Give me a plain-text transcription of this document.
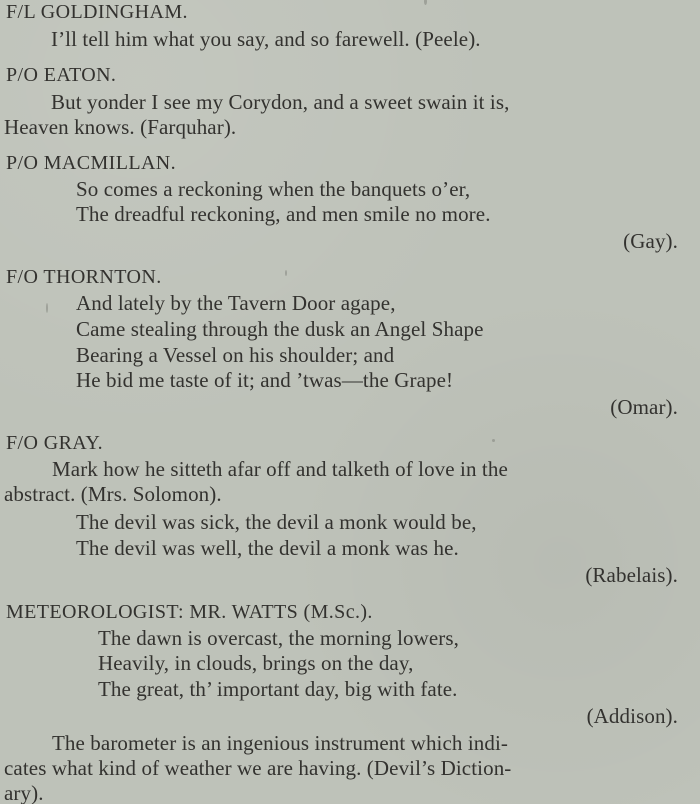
F/L GOLDINGHAM.
I’ll tell him what you say, and so farewell. (Peele).
P/O EATON.
But yonder I see my Corydon, and a sweet swain it is,
Heaven knows. (Farquhar).
P/O MACMILLAN.
So comes a reckoning when the banquets o’er,
The dreadful reckoning, and men smile no more.
(Gay).
F/O THORNTON.
And lately by the Tavern Door agape,
Came stealing through the dusk an Angel Shape
Bearing a Vessel on his shoulder; and
He bid me taste of it; and ’twas—the Grape!
(Omar).
F/O GRAY.
Mark how he sitteth afar off and talketh of love in the
abstract. (Mrs. Solomon).
The devil was sick, the devil a monk would be,
The devil was well, the devil a monk was he.
(Rabelais).
METEOROLOGIST: MR. WATTS (M.Sc.).
The dawn is overcast, the morning lowers,
Heavily, in clouds, brings on the day,
The great, th’ important day, big with fate.
(Addison).
The barometer is an ingenious instrument which indi-
cates what kind of weather we are having. (Devil’s Diction-
ary).
